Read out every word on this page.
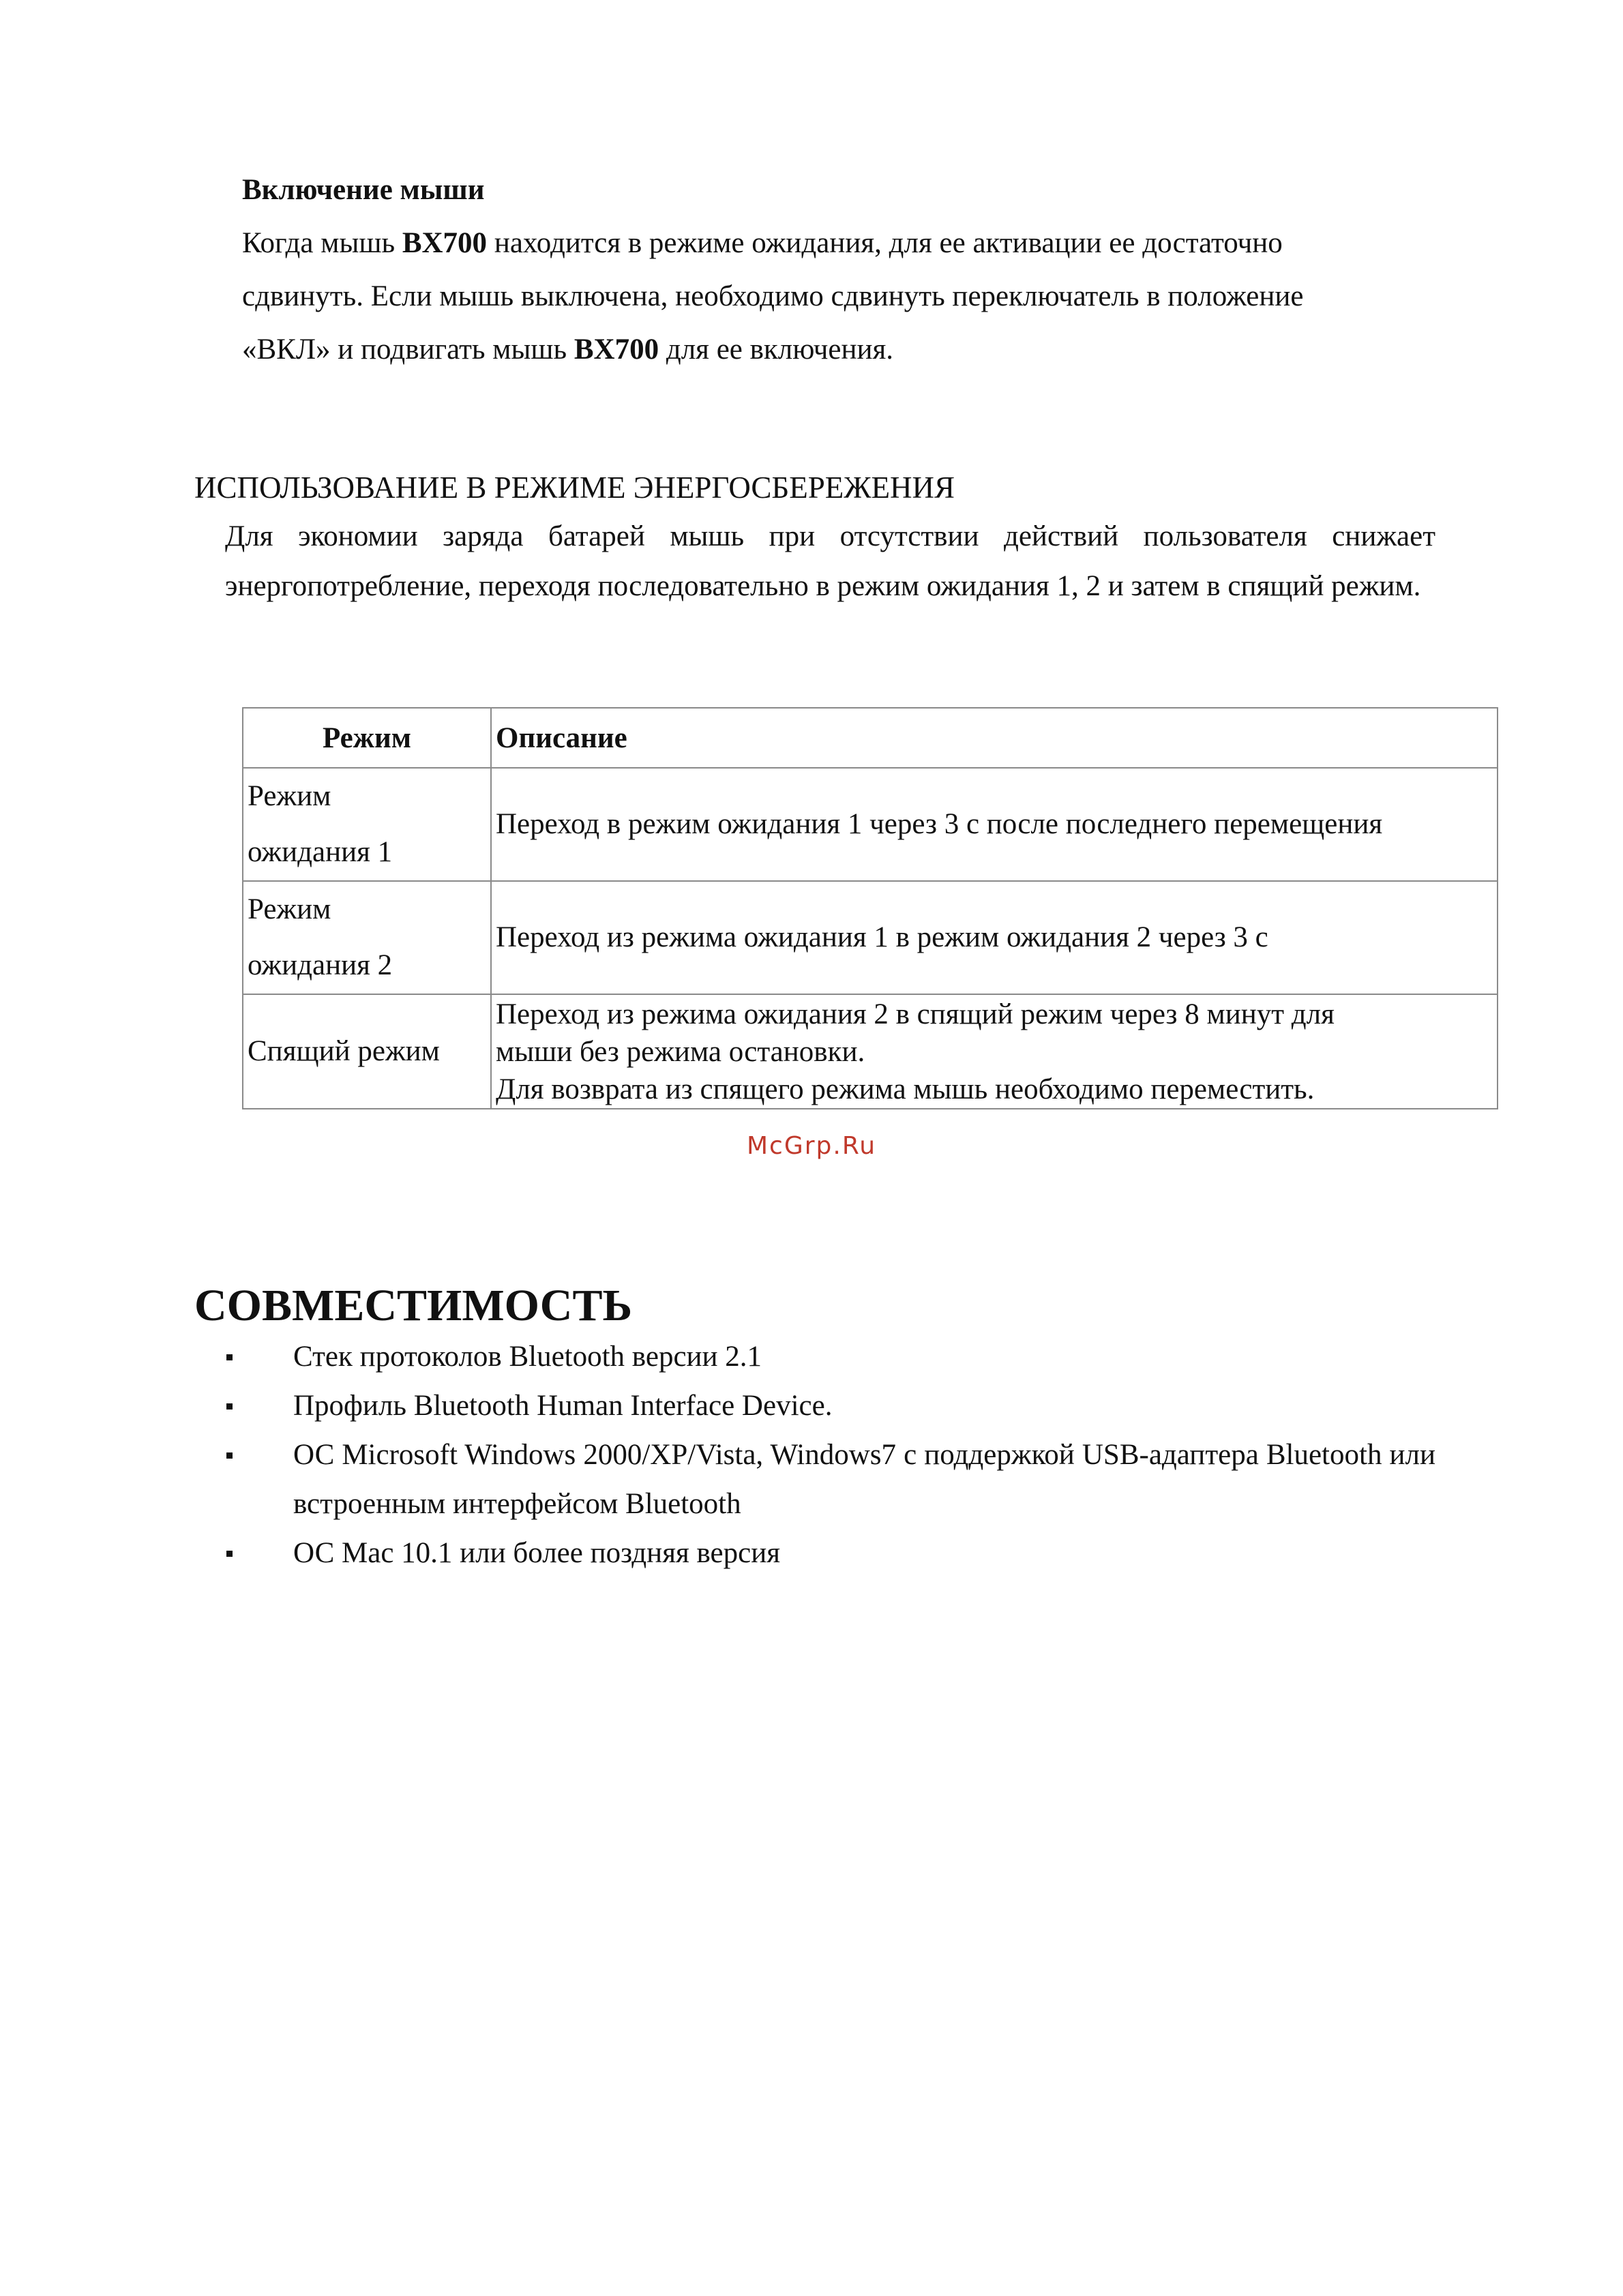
Включение мыши

Когда мышь BX700 находится в режиме ожидания, для ее активации ее достаточно

сдвинуть. Если мышь выключена, необходимо сдвинуть переключатель в положение

«ВКЛ» и подвигать мышь BX700 для ее включения.

ИСПОЛЬЗОВАНИЕ В РЕЖИМЕ ЭНЕРГОСБЕРЕЖЕНИЯ

Для экономии заряда батарей мышь при отсутствии действий пользователя снижает энергопотребление, переходя последовательно в режим ожидания 1, 2 и затем в спящий режим.

Режим	Описание
Режим
ожидания 1	Переход в режим ожидания 1 через 3 с после последнего перемещения
Режим
ожидания 2	Переход из режима ожидания 1 в режим ожидания 2 через 3 с
Спящий режим	Переход из режима ожидания 2 в спящий режим через 8 минут для
мыши без режима остановки.
Для возврата из спящего режима мышь необходимо переместить.
McGrp.Ru
СОВМЕСТИМОСТЬ
Стек протоколов Bluetooth версии 2.1
Профиль Bluetooth Human Interface Device.
ОС Microsoft Windows 2000/XP/Vista, Windows7 с поддержкой USB-адаптера Bluetooth или встроенным интерфейсом Bluetooth
ОС Mac 10.1 или более поздняя версия
